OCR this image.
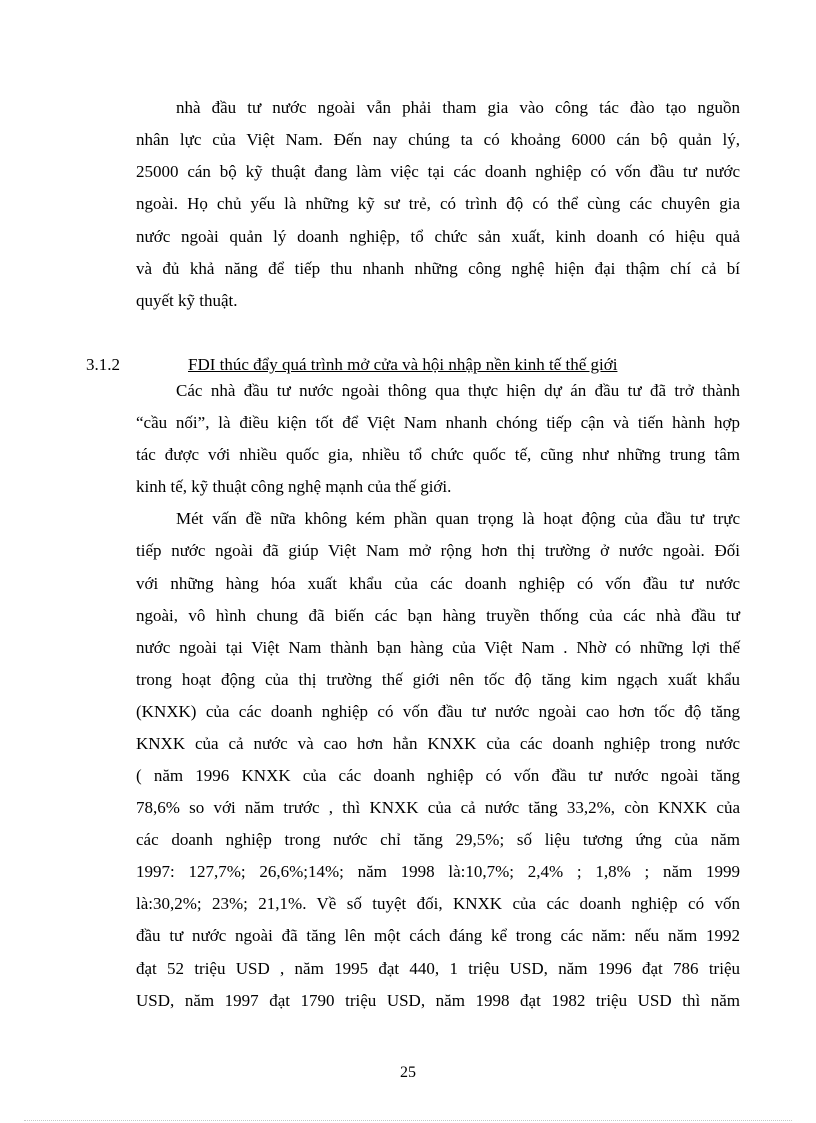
nhà đầu tư nước ngoài vẫn phải tham gia vào công tác đào tạo nguồn
nhân lực của Việt Nam. Đến nay chúng ta có khoảng 6000 cán bộ quản lý,
25000 cán bộ kỹ thuật đang làm việc tại các doanh nghiệp có vốn đầu tư nước
ngoài. Họ chủ yếu là những kỹ sư trẻ, có trình độ có thể cùng các chuyên gia
nước ngoài quản lý doanh nghiệp, tổ chức sản xuất, kinh doanh có hiệu quả
và đủ khả năng để tiếp thu nhanh những công nghệ hiện đại thậm chí cả bí
quyết kỹ thuật.
3.1.2	FDI thúc đẩy quá trình mở cửa và hội nhập nền kinh tế thế giới
Các nhà đầu tư nước ngoài thông qua thực hiện dự án đầu tư đã trở thành
“cầu nối”, là điều kiện tốt để Việt Nam nhanh chóng tiếp cận và tiến hành hợp
tác được với nhiều quốc gia, nhiều tổ chức quốc tế, cũng như những trung tâm
kinh tế, kỹ thuật công nghệ mạnh của thế giới.
Mét vấn đề nữa không kém phần quan trọng là hoạt động của đầu tư trực
tiếp nước ngoài đã giúp Việt Nam mở rộng hơn thị trường ở nước ngoài. Đối
với những hàng hóa xuất khẩu của các doanh nghiệp có vốn đầu tư nước
ngoài, vô hình chung đã biến các bạn hàng truyền thống của các nhà đầu tư
nước ngoài tại Việt Nam thành bạn hàng của Việt Nam . Nhờ có những lợi thế
trong hoạt động của thị trường thế giới nên tốc độ tăng kim ngạch xuất khẩu
(KNXK) của các doanh nghiệp có vốn đầu tư nước ngoài cao hơn tốc độ tăng
KNXK của cả nước và cao hơn hẳn KNXK của các doanh nghiệp trong nước
( năm 1996 KNXK của các doanh nghiệp có vốn đầu tư nước ngoài tăng
78,6% so với năm trước , thì KNXK của cả nước tăng 33,2%, còn KNXK của
các doanh nghiệp trong nước chỉ tăng 29,5%; số liệu tương ứng của năm
1997: 127,7%; 26,6%;14%; năm 1998 là:10,7%; 2,4% ; 1,8% ; năm 1999
là:30,2%; 23%; 21,1%. Về số tuyệt đối, KNXK của các doanh nghiệp có vốn
đầu tư nước ngoài đã tăng lên một cách đáng kể trong các năm: nếu năm 1992
đạt 52 triệu USD , năm 1995 đạt 440, 1 triệu USD, năm 1996 đạt 786 triệu
USD, năm 1997 đạt 1790 triệu USD, năm 1998 đạt 1982 triệu USD thì năm
25
